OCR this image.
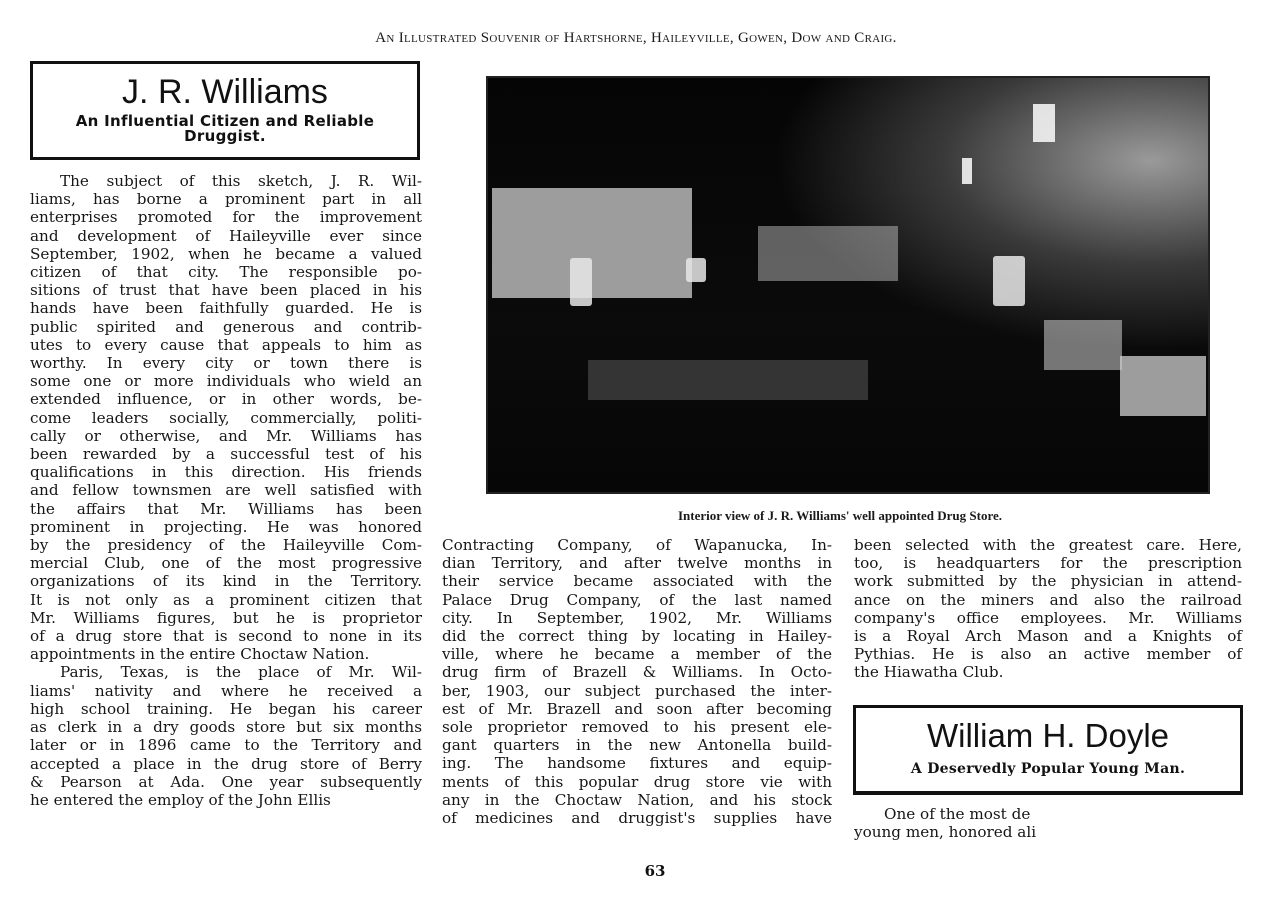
An Illustrated Souvenir of Hartshorne, Haileyville, Gowen, Dow and Craig.
J. R. Williams
An Influential Citizen and Reliable Druggist.
The subject of this sketch, J. R. Wil-
liams, has borne a prominent part in all
enterprises promoted for the improvement
and development of Haileyville ever since
September, 1902, when he became a valued
citizen of that city. The responsible po-
sitions of trust that have been placed in his
hands have been faithfully guarded. He is
public spirited and generous and contrib-
utes to every cause that appeals to him as
worthy. In every city or town there is
some one or more individuals who wield an
extended influence, or in other words, be-
come leaders socially, commercially, politi-
cally or otherwise, and Mr. Williams has
been rewarded by a successful test of his
qualifications in this direction. His friends
and fellow townsmen are well satisfied with
the affairs that Mr. Williams has been
prominent in projecting. He was honored
by the presidency of the Haileyville Com-
mercial Club, one of the most progressive
organizations of its kind in the Territory.
It is not only as a prominent citizen that
Mr. Williams figures, but he is proprietor
of a drug store that is second to none in its
appointments in the entire Choctaw Nation.
Paris, Texas, is the place of Mr. Wil-
liams' nativity and where he received a
high school training. He began his career
as clerk in a dry goods store but six months
later or in 1896 came to the Territory and
accepted a place in the drug store of Berry
& Pearson at Ada. One year subsequently
he entered the employ of the John Ellis
Interior view of J. R. Williams' well appointed Drug Store.
Contracting Company, of Wapanucka, In-
dian Territory, and after twelve months in
their service became associated with the
Palace Drug Company, of the last named
city. In September, 1902, Mr. Williams
did the correct thing by locating in Hailey-
ville, where he became a member of the
drug firm of Brazell & Williams. In Octo-
ber, 1903, our subject purchased the inter-
est of Mr. Brazell and soon after becoming
sole proprietor removed to his present ele-
gant quarters in the new Antonella build-
ing. The handsome fixtures and equip-
ments of this popular drug store vie with
any in the Choctaw Nation, and his stock
of medicines and druggist's supplies have
been selected with the greatest care. Here,
too, is headquarters for the prescription
work submitted by the physician in attend-
ance on the miners and also the railroad
company's office employees. Mr. Williams
is a Royal Arch Mason and a Knights of
Pythias. He is also an active member of
the Hiawatha Club.
William H. Doyle
A Deservedly Popular Young Man.
One of the most de
young men, honored ali
63
